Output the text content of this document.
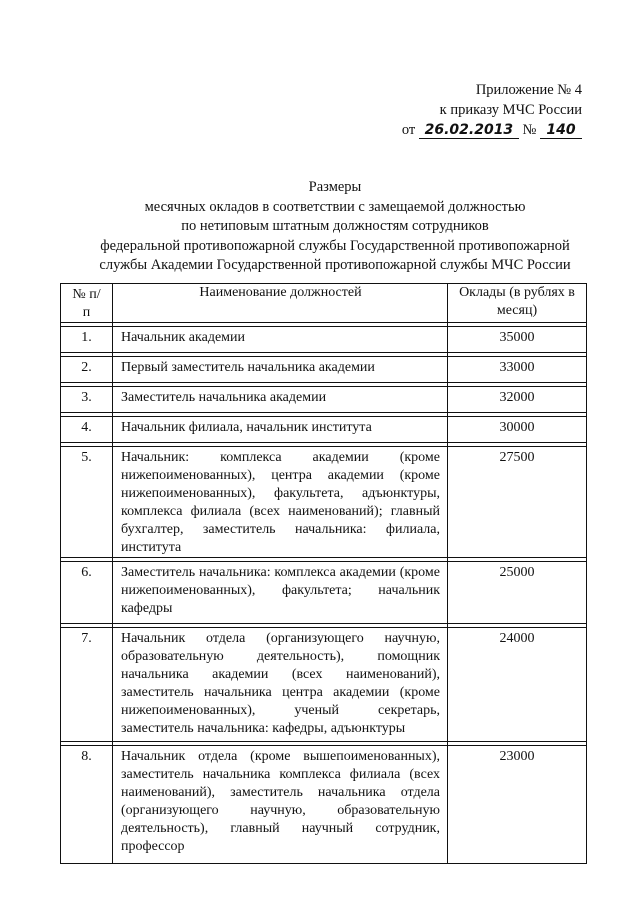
Приложение № 4
к приказу МЧС России
от 26.02.2013 № 140
Размеры
месячных окладов в соответствии с замещаемой должностью
по нетиповым штатным должностям сотрудников
федеральной противопожарной службы Государственной противопожарной
службы Академии Государственной противопожарной службы МЧС России
№ п/п	Наименование должностей	Оклады (в рублях в месяц)

1.	Начальник академии	35000

2.	Первый заместитель начальника академии	33000

3.	Заместитель начальника академии	32000

4.	Начальник филиала, начальник института	30000

5.	Начальник: комплекса академии (кроме нижепоименованных), центра академии (кроме нижепоименованных), факультета, адъюнктуры, комплекса филиала (всех наименований); главный бухгалтер, заместитель начальника: филиала, института	27500

6.	Заместитель начальника: комплекса академии (кроме нижепоименованных), факультета; начальник кафедры	25000

7.	Начальник отдела (организующего научную, образовательную деятельность), помощник начальника академии (всех наименований), заместитель начальника центра академии (кроме нижепоименованных), ученый секретарь, заместитель начальника: кафедры, адъюнктуры	24000

8.	Начальник отдела (кроме вышепоименованных), заместитель начальника комплекса филиала (всех наименований), заместитель начальника отдела (организующего научную, образовательную деятельность), главный научный сотрудник, профессор	23000
